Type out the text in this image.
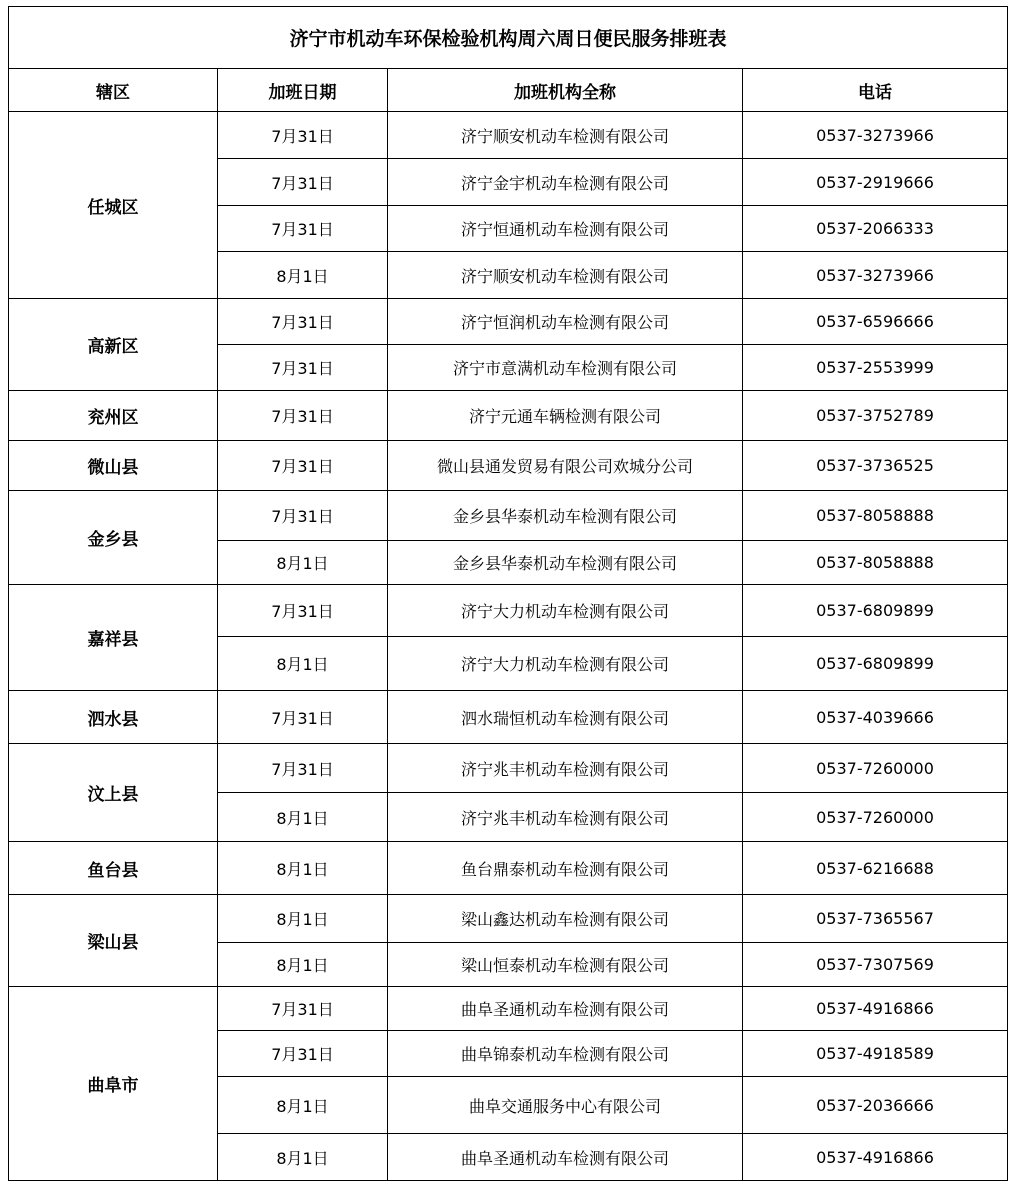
济宁市机动车环保检验机构周六周日便民服务排班表			
辖区	加班日期	加班机构全称	电话
任城区	7月31日	济宁顺安机动车检测有限公司	0537-3273966
	7月31日	济宁金宇机动车检测有限公司	0537-2919666
	7月31日	济宁恒通机动车检测有限公司	0537-2066333
	8月1日	济宁顺安机动车检测有限公司	0537-3273966
高新区	7月31日	济宁恒润机动车检测有限公司	0537-6596666
	7月31日	济宁市意满机动车检测有限公司	0537-2553999
兖州区	7月31日	济宁元通车辆检测有限公司	0537-3752789
微山县	7月31日	微山县通发贸易有限公司欢城分公司	0537-3736525
金乡县	7月31日	金乡县华泰机动车检测有限公司	0537-8058888
	8月1日	金乡县华泰机动车检测有限公司	0537-8058888
嘉祥县	7月31日	济宁大力机动车检测有限公司	0537-6809899
	8月1日	济宁大力机动车检测有限公司	0537-6809899
泗水县	7月31日	泗水瑞恒机动车检测有限公司	0537-4039666
汶上县	7月31日	济宁兆丰机动车检测有限公司	0537-7260000
	8月1日	济宁兆丰机动车检测有限公司	0537-7260000
鱼台县	8月1日	鱼台鼎泰机动车检测有限公司	0537-6216688
梁山县	8月1日	梁山鑫达机动车检测有限公司	0537-7365567
	8月1日	梁山恒泰机动车检测有限公司	0537-7307569
曲阜市	7月31日	曲阜圣通机动车检测有限公司	0537-4916866
	7月31日	曲阜锦泰机动车检测有限公司	0537-4918589
	8月1日	曲阜交通服务中心有限公司	0537-2036666
	8月1日	曲阜圣通机动车检测有限公司	0537-4916866
